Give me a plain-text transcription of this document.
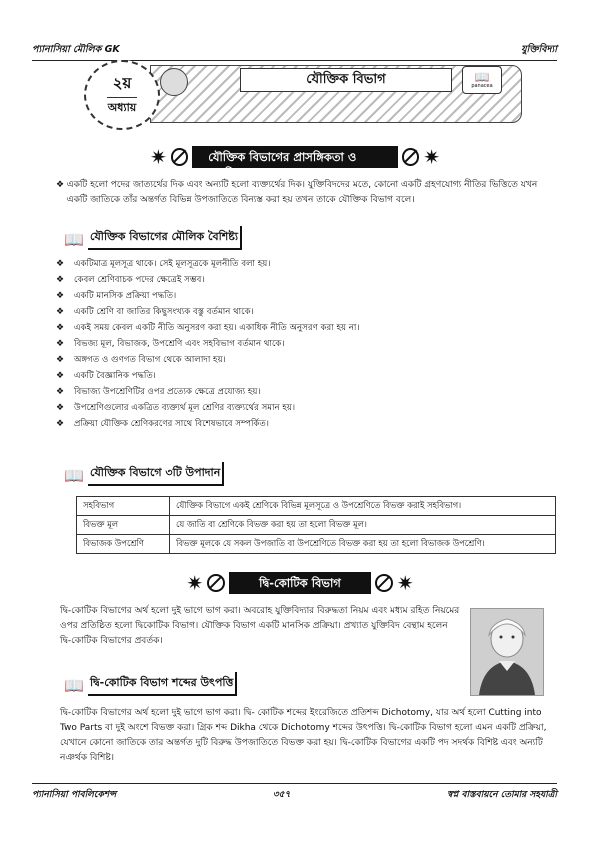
প্যানাসিয়া মৌলিক GK	যুক্তিবিদ্যা
যৌক্তিক বিভাগ	📖
panacea
২য়
অধ্যায়
✷	যৌক্তিক বিভাগের প্রাসঙ্গিকতা ও প্রকৃতি
✷
❖ একটি হলো পদের জাত্যর্থের দিক এবং অন্যটি হলো ব্যক্ত্যর্থের দিক। যুক্তিবিদদের মতে, কোনো একটি গ্রহণযোগ্য নীতির ভিত্তিতে যখন একটি জাতিকে তাঁর অন্তর্গত বিভিন্ন উপজাতিতে বিন্যস্ত করা হয় তখন তাকে যৌক্তিক বিভাগ বলে।
📖 যৌক্তিক বিভাগের মৌলিক বৈশিষ্ট্য
❖	একটিমাত্র মূলসূত্র থাকে। সেই মূলসূত্রকে মূলনীতি বলা হয়।
❖	কেবল শ্রেণিবাচক পদের ক্ষেত্রেই সম্ভব।
❖	একটি মানসিক প্রক্রিয়া পদ্ধতি।
❖	একটি শ্রেণি বা জাতির কিছুসংখ্যক বস্তু বর্তমান থাকে।
❖	একই সময় কেবল একটি নীতি অনুসরণ করা হয়। একাধিক নীতি অনুসরণ করা হয় না।
❖	বিভজ্য মূল, বিভাজক, উপশ্রেণি এবং সহবিভাগ বর্তমান থাকে।
❖	অঙ্গগত ও গুণগত বিভাগ থেকে আলাদা হয়।
❖	একটি বৈজ্ঞানিক পদ্ধতি।
❖	বিভাজ্য উপশ্রেণিটির ওপর প্রত্যেক ক্ষেত্রে প্রযোজ্য হয়।
❖	উপশ্রেণিগুলোর একত্রিত ব্যক্ত্যর্থ মূল শ্রেণির ব্যক্ত্যর্থের সমান হয়।
❖	প্রক্রিয়া যৌক্তিক শ্রেণিকরণের সাথে বিশেষভাবে সম্পর্কিত।
📖 যৌক্তিক বিভাগে ৩টি উপাদান
সহবিভাগ	যৌক্তিক বিভাগে একই শ্রেণিকে বিভিন্ন মূলসূত্রে ও উপশ্রেণিতে বিভক্ত করাই সহবিভাগ।
বিভক্ত মূল	যে জাতি বা শ্রেণিকে বিভক্ত করা হয় তা হলো বিভক্ত মূল।
বিভাজক উপশ্রেণি	বিভক্ত মূলকে যে সকল উপজাতি বা উপশ্রেণিতে বিভক্ত করা হয় তা হলো বিভাজক উপশ্রেণি।
✷	দ্বি-কোটিক বিভাগ	✷
দ্বি-কোটিক বিভাগের অর্থ হলো দুই ভাগে ভাগ করা। অবরোহ যুক্তিবিদ্যার বিরুদ্ধতা নিয়ম এবং মধ্যম রহিত নিয়মের ওপর প্রতিষ্ঠিত হলো দ্বিকোটিক বিভাগ। যৌক্তিক বিভাগ একটি মানসিক প্রক্রিয়া। প্রখ্যাত যুক্তিবিদ বেন্থাম হলেন দ্বি-কোটিক বিভাগের প্রবর্তক।
📖 দ্বি-কোটিক বিভাগ শব্দের উৎপত্তি
দ্বি-কোটিক বিভাগের অর্থ হলো দুই ভাগে ভাগ করা। দ্বি- কোটিক শব্দের ইংরেজিতে প্রতিশব্দ Dichotomy, যার অর্থ হলো Cutting into Two Parts বা দুই অংশে বিভক্ত করা। গ্রিক শব্দ Dikha থেকে Dichotomy শব্দের উৎপত্তি। দ্বি-কোটিক বিভাগ হলো এমন একটি প্রক্রিয়া, যেখানে কোনো জাতিকে তার অন্তর্গত দুটি বিরুদ্ধ উপজাতিতে বিভক্ত করা হয়। দ্বি-কোটিক বিভাগের একটি পদ সদর্থক বিশিষ্ট এবং অন্যটি নঞর্থক বিশিষ্ট।
প্যানাসিয়া পাবলিকেশন্স	৩৫৭	স্বপ্ন বাস্তবায়নে তোমার সহযাত্রী
